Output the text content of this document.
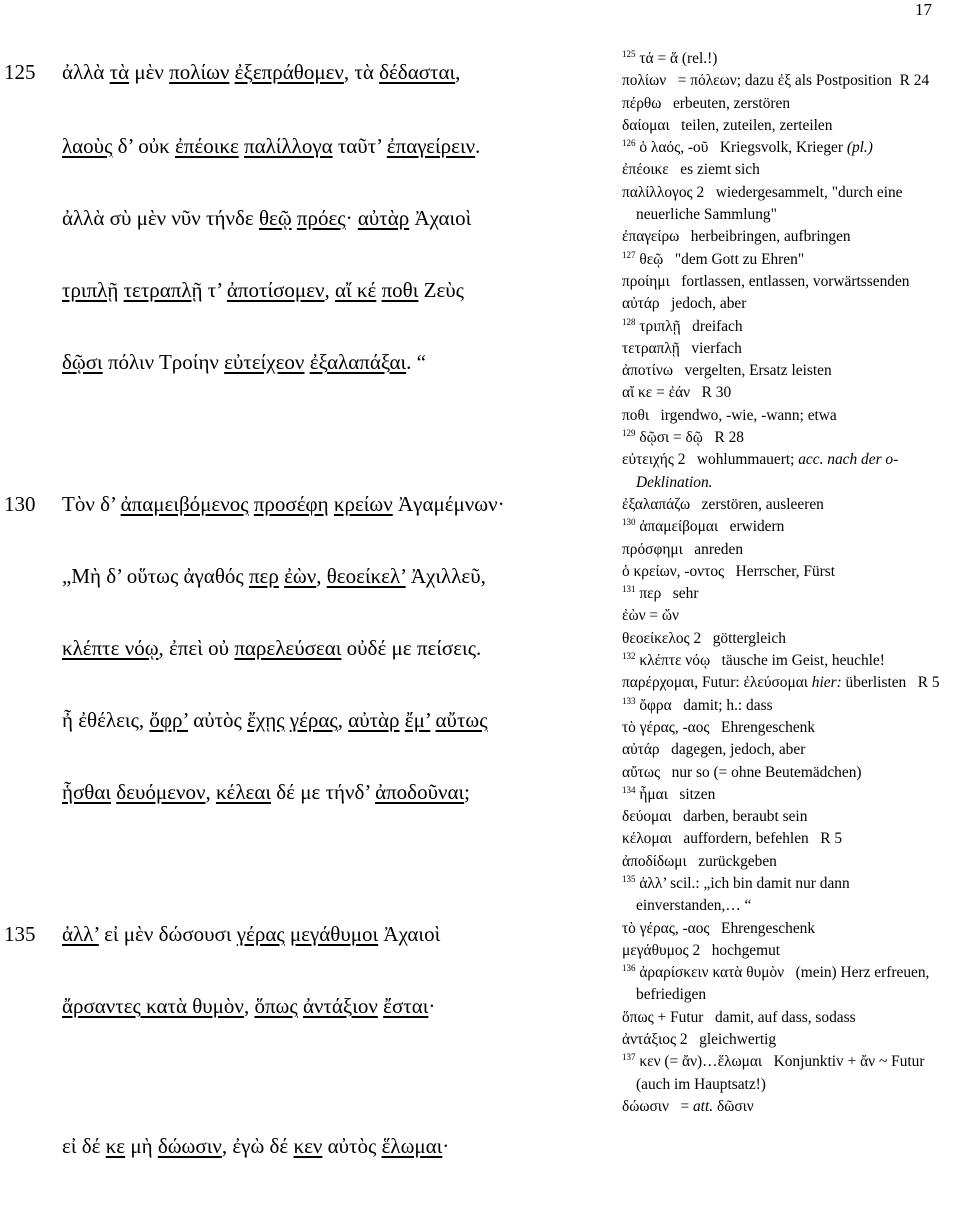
17
125	ἀλλὰ τὰ μὲν πολίων ἐξεπράθομεν, τὰ δέδασται,
λαοὺς δ’ οὐκ ἐπέοικε παλίλλογα ταῦτ’ ἐπαγείρειν.
ἀλλὰ σὺ μὲν νῦν τήνδε θεῷ πρόες· αὐτὰρ Ἀχαιοὶ
τριπλῇ τετραπλῇ τ’ ἀποτίσομεν, αἴ κέ ποθι Ζεὺς
δῷσι πόλιν Τροίην εὐτείχεον ἐξαλαπάξαι. “
130	Τὸν δ’ ἀπαμειβόμενος προσέφη κρείων Ἀγαμέμνων·
„Μὴ δ’ οὕτως ἀγαθός περ ἐὼν, θεοείκελ’ Ἀχιλλεῦ,
κλέπτε νόῳ, ἐπεὶ οὐ παρελεύσεαι οὐδέ με πείσεις.
ἦ ἐθέλεις, ὄφρ’ αὐτὸς ἔχῃς γέρας, αὐτὰρ ἔμ’ αὔτως
ἧσθαι δευόμενον, κέλεαι δέ με τήνδ’ ἀποδοῦναι;
135	ἀλλ’ εἰ μὲν δώσουσι γέρας μεγάθυμοι Ἀχαιοὶ
ἄρσαντες κατὰ θυμὸν, ὅπως ἀντάξιον ἔσται·
εἰ δέ κε μὴ δώωσιν, ἐγὼ δέ κεν αὐτὸς ἕλωμαι·

$^{125}$ τά = ἅ (rel.!)

πολίων   = πόλεων; dazu ἐξ als Postposition  R 24

πέρθω   erbeuten, zerstören

δαίομαι   teilen, zuteilen, zerteilen

$^{126}$ ὁ λαός, -οῦ   Kriegsvolk, Krieger (pl.)

ἐπέοικε   es ziemt sich

παλίλλογος 2   wiedergesammelt, "durch eine neuerliche Sammlung"

ἐπαγείρω   herbeibringen, aufbringen

$^{127}$ θεῷ   "dem Gott zu Ehren"

προίημι   fortlassen, entlassen, vorwärtssenden

αὐτάρ   jedoch, aber

$^{128}$ τριπλῇ   dreifach

τετραπλῇ   vierfach

ἀποτίνω   vergelten, Ersatz leisten

αἴ κε = ἐάν   R 30

ποθι   irgendwo, -wie, -wann; etwa

$^{129}$ δῷσι = δῷ   R 28

εὐτειχής 2   wohlummauert; acc. nach der o-Deklination.

ἐξαλαπάζω   zerstören, ausleeren

$^{130}$ ἀπαμείβομαι   erwidern

πρόσφημι   anreden

ὁ κρείων, -οντος   Herrscher, Fürst

$^{131}$ περ   sehr

ἐὼν = ὤν

θεοείκελος 2   göttergleich

$^{132}$ κλέπτε νόῳ   täusche im Geist, heuchle!

παρέρχομαι, Futur: ἐλεύσομαι hier: überlisten   R 5

$^{133}$ ὄφρα   damit; h.: dass

τὸ γέρας, -αος   Ehrengeschenk

αὐτάρ   dagegen, jedoch, aber

αὔτως   nur so (= ohne Beutemädchen)

$^{134}$ ἧμαι   sitzen

δεύομαι   darben, beraubt sein

κέλομαι   auffordern, befehlen   R 5

ἀποδίδωμι   zurückgeben

$^{135}$ ἀλλ’ scil.: „ich bin damit nur dann einverstanden,… “

τὸ γέρας, -αος   Ehrengeschenk

μεγάθυμος 2   hochgemut

$^{136}$ ἀραρίσκειν κατὰ θυμὸν   (mein) Herz erfreuen, befriedigen

ὅπως + Futur   damit, auf dass, sodass

ἀντάξιος 2   gleichwertig

$^{137}$ κεν (= ἄν)…ἕλωμαι   Konjunktiv + ἄν ~ Futur (auch im Hauptsatz!)

δώωσιν   = att. δῶσιν
